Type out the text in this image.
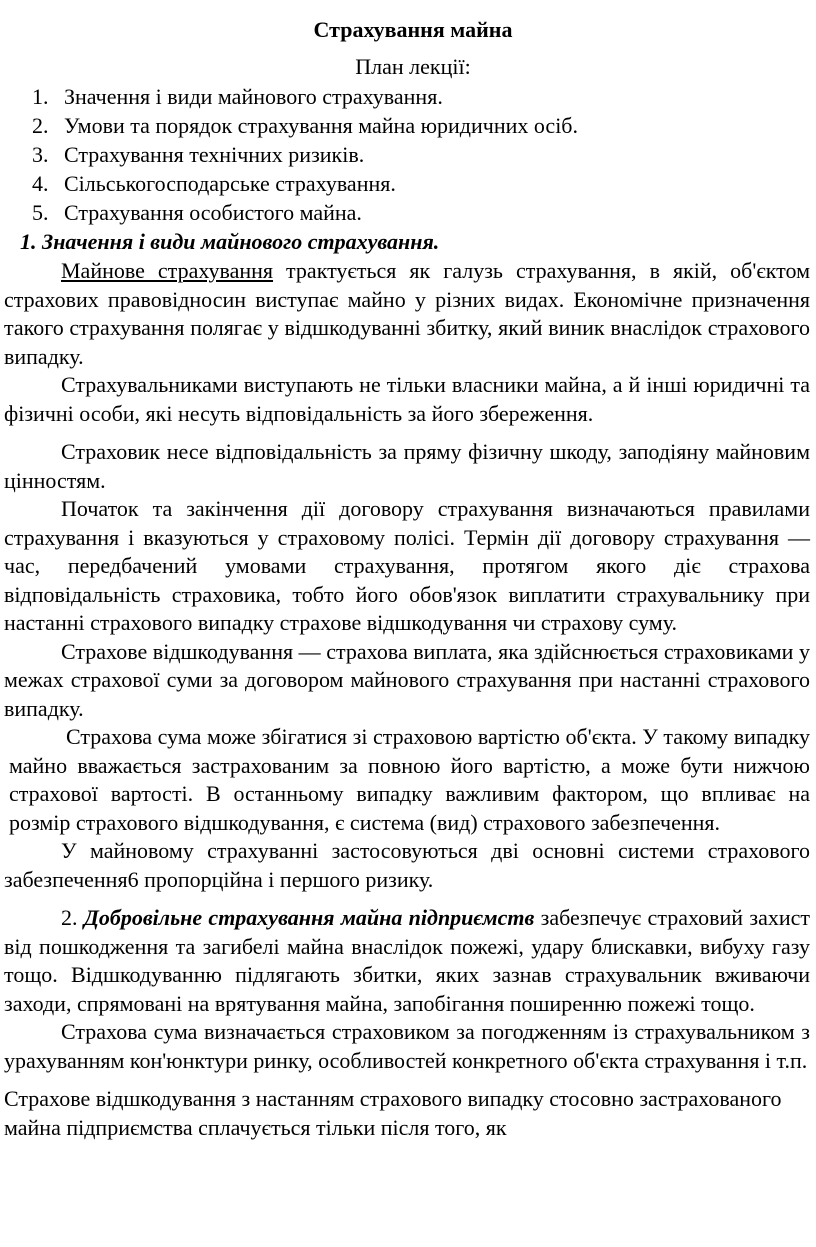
Страхування майна
План лекції:
1. Значення і види майнового страхування.
2. Умови та порядок страхування майна юридичних осіб.
3. Страхування технічних ризиків.
4. Сільськогосподарське страхування.
5. Страхування особистого майна.
1. Значення і види майнового страхування.

Майнове страхування трактується як галузь страхування, в якій, об'єктом страхових правовідносин виступає майно у різних видах. Економічне призначення такого страхування полягає у відшкодуванні збитку, який виник внаслідок страхового випадку.

Страхувальниками виступають не тільки власники майна, а й інші юридичні та фізичні особи, які несуть відповідальність за його збереження.

Страховик несе відповідальність за пряму фізичну шкоду, заподіяну майновим цінностям.

Початок та закінчення дії договору страхування визначаються правилами страхування і вказуються у страховому полісі. Термін дії договору страхування — час, передбачений умовами страхування, протягом якого діє страхова відповідальність страховика, тобто його обов'язок виплатити страхувальнику при настанні страхового випадку страхове відшкодування чи страхову суму.

Страхове відшкодування — страхова виплата, яка здійснюється страховиками у межах страхової суми за договором майнового страхування при настанні страхового випадку.

Страхова сума може збігатися зі страховою вартістю об'єкта. У такому випадку майно вважається застрахованим за повною його вартістю, а може бути нижчою страхової вартості. В останньому випадку важливим фактором, що впливає на розмір страхового відшкодування, є система (вид) страхового забезпечення.

У майновому страхуванні застосовуються дві основні системи страхового забезпечення6 пропорційна і першого ризику.

2. Добровільне страхування майна підприємств забезпечує страховий захист від пошкодження та загибелі майна внаслідок пожежі, удару блискавки, вибуху газу тощо. Відшкодуванню підлягають збитки, яких зазнав страхувальник вживаючи заходи, спрямовані на врятування майна, запобігання поширенню пожежі тощо.

Страхова сума визначається страховиком за погодженням із страхувальником з урахуванням кон'юнктури ринку, особливостей конкретного об'єкта страхування і т.п.

Страхове відшкодування з настанням страхового випадку стосовно застрахованого майна підприємства сплачується тільки після того, як
